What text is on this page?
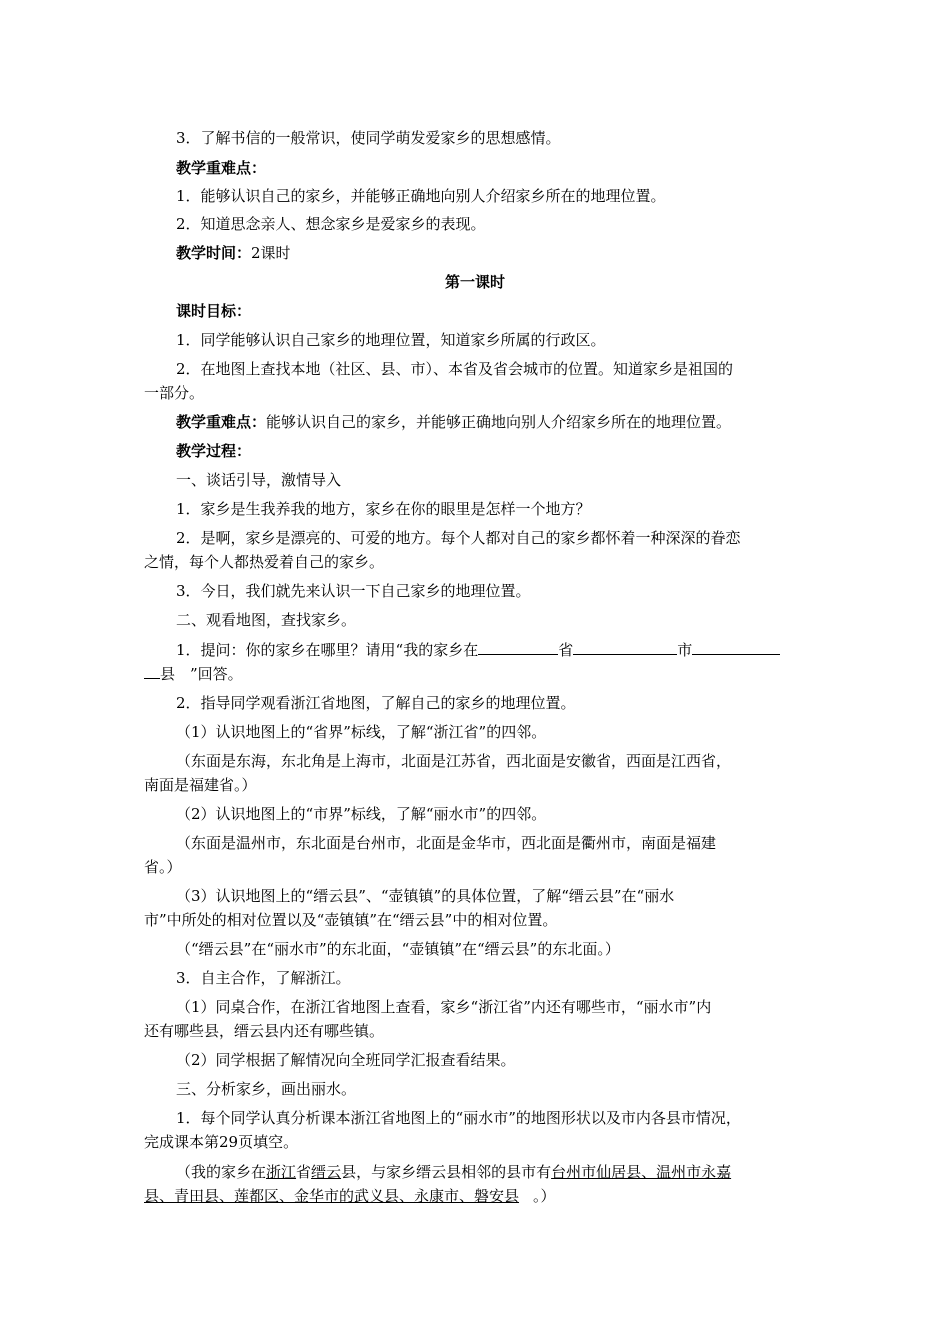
3．了解书信的一般常识，使同学萌发爱家乡的思想感情。
教学重难点：
1．能够认识自己的家乡，并能够正确地向别人介绍家乡所在的地理位置。
2．知道思念亲人、想念家乡是爱家乡的表现。
教学时间：2课时
第一课时
课时目标：
1．同学能够认识自己家乡的地理位置，知道家乡所属的行政区。
2．在地图上查找本地（社区、县、市）、本省及省会城市的位置。知道家乡是祖国的
一部分。
教学重难点：能够认识自己的家乡，并能够正确地向别人介绍家乡所在的地理位置。
教学过程：
一、谈话引导，激情导入
1．家乡是生我养我的地方，家乡在你的眼里是怎样一个地方？
2．是啊，家乡是漂亮的、可爱的地方。每个人都对自己的家乡都怀着一种深深的眷恋
之情，每个人都热爱着自己的家乡。
3．今日，我们就先来认识一下自己家乡的地理位置。
二、观看地图，查找家乡。
1．提问：你的家乡在哪里？请用“我的家乡在	省	市
县　”回答。
2．指导同学观看浙江省地图，了解自己的家乡的地理位置。
（1）认识地图上的“省界”标线，了解“浙江省”的四邻。
（东面是东海，东北角是上海市，北面是江苏省，西北面是安徽省，西面是江西省，
南面是福建省。）
（2）认识地图上的“市界”标线，了解“丽水市”的四邻。
（东面是温州市，东北面是台州市，北面是金华市，西北面是衢州市，南面是福建
省。）
（3）认识地图上的“缙云县”、“壶镇镇”的具体位置，了解“缙云县”在“丽水
市”中所处的相对位置以及“壶镇镇”在“缙云县”中的相对位置。
（“缙云县”在“丽水市”的东北面，“壶镇镇”在“缙云县”的东北面。）
3．自主合作，了解浙江。
（1）同桌合作，在浙江省地图上查看，家乡“浙江省”内还有哪些市，“丽水市”内
还有哪些县，缙云县内还有哪些镇。
（2）同学根据了解情况向全班同学汇报查看结果。
三、分析家乡，画出丽水。
1．每个同学认真分析课本浙江省地图上的“丽水市”的地图形状以及市内各县市情况，
完成课本第29页填空。
（我的家乡在浙江省缙云县，与家乡缙云县相邻的县市有台州市仙居县、温州市永嘉
县、青田县、莲都区、金华市的武义县、永康市、磐安县 。）
